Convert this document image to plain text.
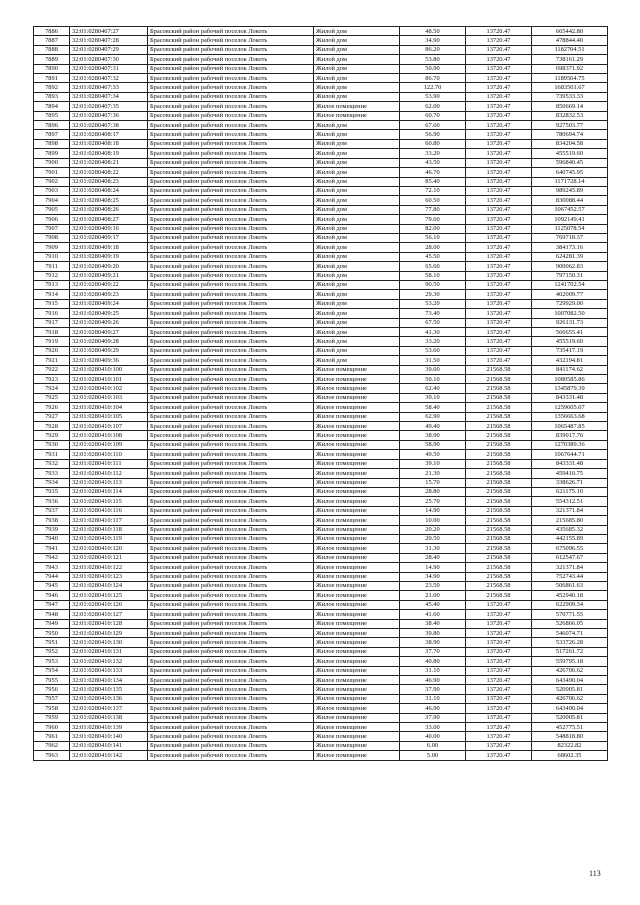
7886	32:01:0280407:27	Брасовский район рабочий поселок Локоть	Жилой дом	48.50	13720.47	665442.80
7887	32:01:0280407:28	Брасовский район рабочий поселок Локоть	Жилой дом	34.90	13720.47	478844.40
7888	32:01:0280407:29	Брасовский район рабочий поселок Локоть	Жилой дом	86.20	13720.47	1182704.51
7889	32:01:0280407:30	Брасовский район рабочий поселок Локоть	Жилой дом	53.80	13720.47	738161.29
7890	32:01:0280407:31	Брасовский район рабочий поселок Локоть	Жилой дом	50.90	13720.47	698371.92
7891	32:01:0280407:32	Брасовский район рабочий поселок Локоть	Жилой дом	86.70	13720.47	1189564.75
7892	32:01:0280407:33	Брасовский район рабочий поселок Локоть	Жилой дом	122.70	13720.47	1683501.67
7893	32:01:0280407:34	Брасовский район рабочий поселок Локоть	Жилой дом	53.90	13720.47	739533.33
7894	32:01:0280407:35	Брасовский район рабочий поселок Локоть	Жилое помещение	62.00	13720.47	850669.14
7895	32:01:0280407:36	Брасовский район рабочий поселок Локоть	Жилое помещение	60.70	13720.47	832832.53
7896	32:01:0280407:38	Брасовский район рабочий поселок Локоть	Жилой дом	67.60	13720.47	927503.77
7897	32:01:0280408:17	Брасовский район рабочий поселок Локоть	Жилой дом	56.90	13720.47	780694.74
7898	32:01:0280408:18	Брасовский район рабочий поселок Локоть	Жилой дом	60.80	13720.47	834204.58
7899	32:01:0280408:19	Брасовский район рабочий поселок Локоть	Жилой дом	33.20	13720.47	455519.60
7900	32:01:0280408:21	Брасовский район рабочий поселок Локоть	Жилой дом	43.50	13720.47	596840.45
7901	32:01:0280408:22	Брасовский район рабочий поселок Локоть	Жилой дом	46.70	13720.47	640745.95
7902	32:01:0280408:23	Брасовский район рабочий поселок Локоть	Жилой дом	85.40	13720.47	1171728.14
7903	32:01:0280408:24	Брасовский район рабочий поселок Локоть	Жилой дом	72.10	13720.47	989245.89
7904	32:01:0280408:25	Брасовский район рабочий поселок Локоть	Жилой дом	60.50	13720.47	830088.44
7905	32:01:0280408:26	Брасовский район рабочий поселок Локоть	Жилой дом	77.80	13720.47	1067452.57
7906	32:01:0280408:27	Брасовский район рабочий поселок Локоть	Жилой дом	79.60	13720.47	1092149.41
7907	32:01:0280409:16	Брасовский район рабочий поселок Локоть	Жилой дом	82.00	13720.47	1125078.54
7908	32:01:0280409:17	Брасовский район рабочий поселок Локоть	Жилой дом	56.10	13720.47	769718.37
7909	32:01:0280409:18	Брасовский район рабочий поселок Локоть	Жилой дом	28.00	13720.47	384173.16
7910	32:01:0280409:19	Брасовский район рабочий поселок Локоть	Жилой дом	45.50	13720.47	624281.39
7911	32:01:0280409:20	Брасовский район рабочий поселок Локоть	Жилой дом	65.60	13720.47	900062.83
7912	32:01:0280409:21	Брасовский район рабочий поселок Локоть	Жилой дом	58.10	13720.47	797150.31
7913	32:01:0280409:22	Брасовский район рабочий поселок Локоть	Жилой дом	90.50	13720.47	1241702.54
7914	32:01:0280409:23	Брасовский район рабочий поселок Локоть	Жилой дом	29.30	13720.47	402009.77
7915	32:01:0280409:24	Брасовский район рабочий поселок Локоть	Жилой дом	53.20	13720.47	729929.00
7916	32:01:0280409:25	Брасовский район рабочий поселок Локоть	Жилой дом	73.40	13720.47	1007082.50
7917	32:01:0280409:26	Брасовский район рабочий поселок Локоть	Жилой дом	67.50	13720.47	926131.73
7918	32:01:0280409:27	Брасовский район рабочий поселок Локоть	Жилой дом	41.30	13720.47	566655.41
7919	32:01:0280409:28	Брасовский район рабочий поселок Локоть	Жилой дом	33.20	13720.47	455519.60
7920	32:01:0280409:29	Брасовский район рабочий поселок Локоть	Жилой дом	53.60	13720.47	735417.19
7921	32:01:0280409:36	Брасовский район рабочий поселок Локоть	Жилой дом	31.50	13720.47	432194.81
7922	32:01:0280410:100	Брасовский район рабочий поселок Локоть	Жилое помещение	39.00	21568.58	841174.62
7923	32:01:0280410:101	Брасовский район рабочий поселок Локоть	Жилое помещение	50.10	21568.58	1080585.86
7924	32:01:0280410:102	Брасовский район рабочий поселок Локоть	Жилое помещение	62.40	21568.58	1345879.39
7925	32:01:0280410:103	Брасовский район рабочий поселок Локоть	Жилое помещение	39.10	21568.58	843331.48
7926	32:01:0280410:104	Брасовский район рабочий поселок Локоть	Жилое помещение	58.40	21568.58	1259605.07
7927	32:01:0280410:105	Брасовский район рабочий поселок Локоть	Жилое помещение	62.90	21568.58	1356663.68
7928	32:01:0280410:107	Брасовский район рабочий поселок Локоть	Жилое помещение	49.40	21568.58	1065487.85
7929	32:01:0280410:108	Брасовский район рабочий поселок Локоть	Жилое помещение	38.90	21568.58	839017.76
7930	32:01:0280410:109	Брасовский район рабочий поселок Локоть	Жилое помещение	58.90	21568.58	1270389.36
7931	32:01:0280410:110	Брасовский район рабочий поселок Локоть	Жилое помещение	49.50	21568.58	1067644.71
7932	32:01:0280410:111	Брасовский район рабочий поселок Локоть	Жилое помещение	39.10	21568.58	843331.48
7933	32:01:0280410:112	Брасовский район рабочий поселок Локоть	Жилое помещение	21.30	21568.58	459410.75
7934	32:01:0280410:113	Брасовский район рабочий поселок Локоть	Жилое помещение	15.70	21568.58	338626.71
7935	32:01:0280410:114	Брасовский район рабочий поселок Локоть	Жилое помещение	28.80	21568.58	621175.10
7936	32:01:0280410:115	Брасовский район рабочий поселок Локоть	Жилое помещение	25.70	21568.58	554312.51
7937	32:01:0280410:116	Брасовский район рабочий поселок Локоть	Жилое помещение	14.90	21568.58	321371.84
7938	32:01:0280410:117	Брасовский район рабочий поселок Локоть	Жилое помещение	10.00	21568.58	215685.80
7939	32:01:0280410:118	Брасовский район рабочий поселок Локоть	Жилое помещение	20.20	21568.58	435685.32
7940	32:01:0280410:119	Брасовский район рабочий поселок Локоть	Жилое помещение	20.50	21568.58	442155.89
7941	32:01:0280410:120	Брасовский район рабочий поселок Локоть	Жилое помещение	31.30	21568.58	675096.55
7942	32:01:0280410:121	Брасовский район рабочий поселок Локоть	Жилое помещение	28.40	21568.58	612547.67
7943	32:01:0280410:122	Брасовский район рабочий поселок Локоть	Жилое помещение	14.90	21568.58	321371.84
7944	32:01:0280410:123	Брасовский район рабочий поселок Локоть	Жилое помещение	34.90	21568.58	752743.44
7945	32:01:0280410:124	Брасовский район рабочий поселок Локоть	Жилое помещение	23.50	21568.58	506861.63
7946	32:01:0280410:125	Брасовский район рабочий поселок Локоть	Жилое помещение	21.00	21568.58	452940.18
7947	32:01:0280410:126	Брасовский район рабочий поселок Локоть	Жилое помещение	45.40	13720.47	622909.34
7948	32:01:0280410:127	Брасовский район рабочий поселок Локоть	Жилое помещение	41.60	13720.47	570771.55
7949	32:01:0280410:128	Брасовский район рабочий поселок Локоть	Жилое помещение	38.40	13720.47	526866.05
7950	32:01:0280410:129	Брасовский район рабочий поселок Локоть	Жилое помещение	39.80	13720.47	546074.71
7951	32:01:0280410:130	Брасовский район рабочий поселок Локоть	Жилое помещение	38.90	13720.47	533726.28
7952	32:01:0280410:131	Брасовский район рабочий поселок Локоть	Жилое помещение	37.70	13720.47	517261.72
7953	32:01:0280410:132	Брасовский район рабочий поселок Локоть	Жилое помещение	40.80	13720.47	559795.18
7954	32:01:0280410:133	Брасовский район рабочий поселок Локоть	Жилое помещение	31.10	13720.47	426706.62
7955	32:01:0280410:134	Брасовский район рабочий поселок Локоть	Жилое помещение	46.90	13720.47	643490.04
7956	32:01:0280410:135	Брасовский район рабочий поселок Локоть	Жилое помещение	37.90	13720.47	520005.81
7957	32:01:0280410:136	Брасовский район рабочий поселок Локоть	Жилое помещение	31.10	13720.47	426706.62
7958	32:01:0280410:137	Брасовский район рабочий поселок Локоть	Жилое помещение	46.90	13720.47	643490.04
7959	32:01:0280410:138	Брасовский район рабочий поселок Локоть	Жилое помещение	37.90	13720.47	520005.81
7960	32:01:0280410:139	Брасовский район рабочий поселок Локоть	Жилое помещение	33.00	13720.47	452775.51
7961	32:01:0280410:140	Брасовский район рабочий поселок Локоть	Жилое помещение	40.00	13720.47	548818.80
7962	32:01:0280410:141	Брасовский район рабочий поселок Локоть	Жилое помещение	6.00	13720.47	82322.82
7963	32:01:0280410:142	Брасовский район рабочий поселок Локоть	Жилое помещение	5.00	13720.47	68602.35
113
